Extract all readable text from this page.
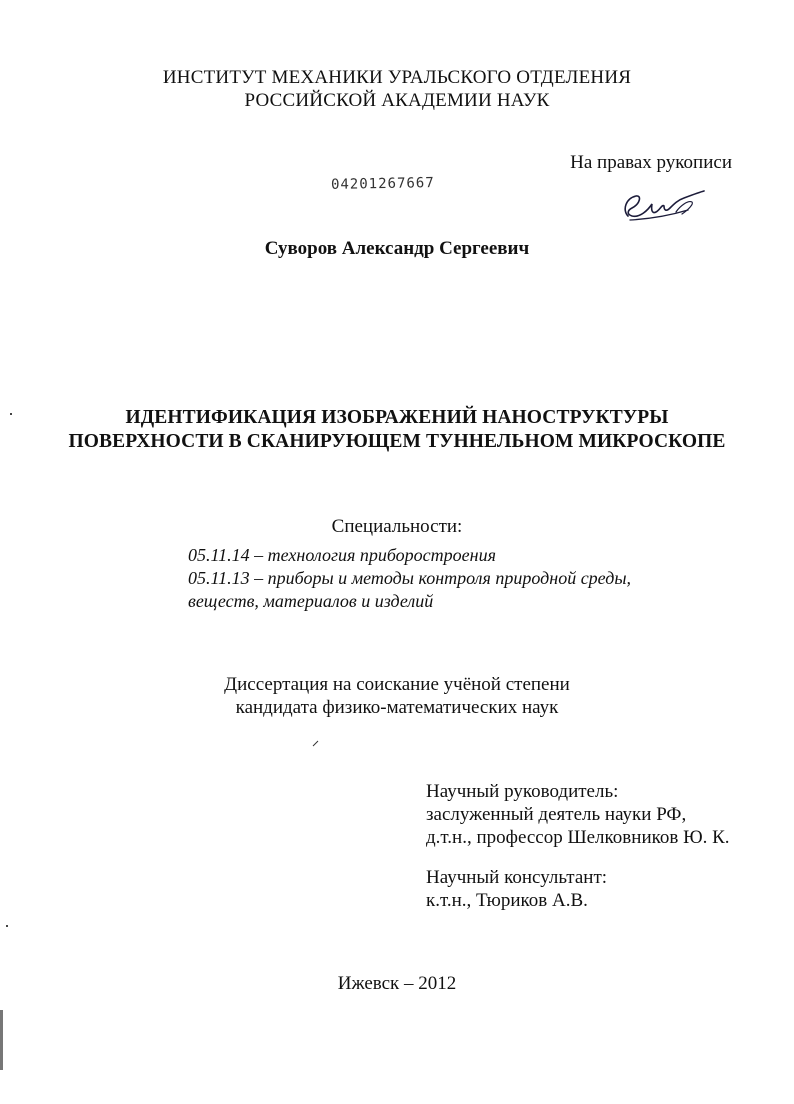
ИНСТИТУТ МЕХАНИКИ УРАЛЬСКОГО ОТДЕЛЕНИЯ
РОССИЙСКОЙ АКАДЕМИИ НАУК
На правах рукописи
04201267667
Суворов Александр Сергеевич
ИДЕНТИФИКАЦИЯ ИЗОБРАЖЕНИЙ НАНОСТРУКТУРЫ
ПОВЕРХНОСТИ В СКАНИРУЮЩЕМ ТУННЕЛЬНОМ МИКРОСКОПЕ
Специальности:
05.11.14 – технология приборостроения
05.11.13 – приборы и методы контроля природной среды,
веществ, материалов и изделий
Диссертация на соискание учёной степени
кандидата физико-математических наук
Научный руководитель:
заслуженный деятель науки РФ,
д.т.н., профессор Шелковников Ю. К.
Научный консультант:
к.т.н., Тюриков А.В.
Ижевск – 2012
